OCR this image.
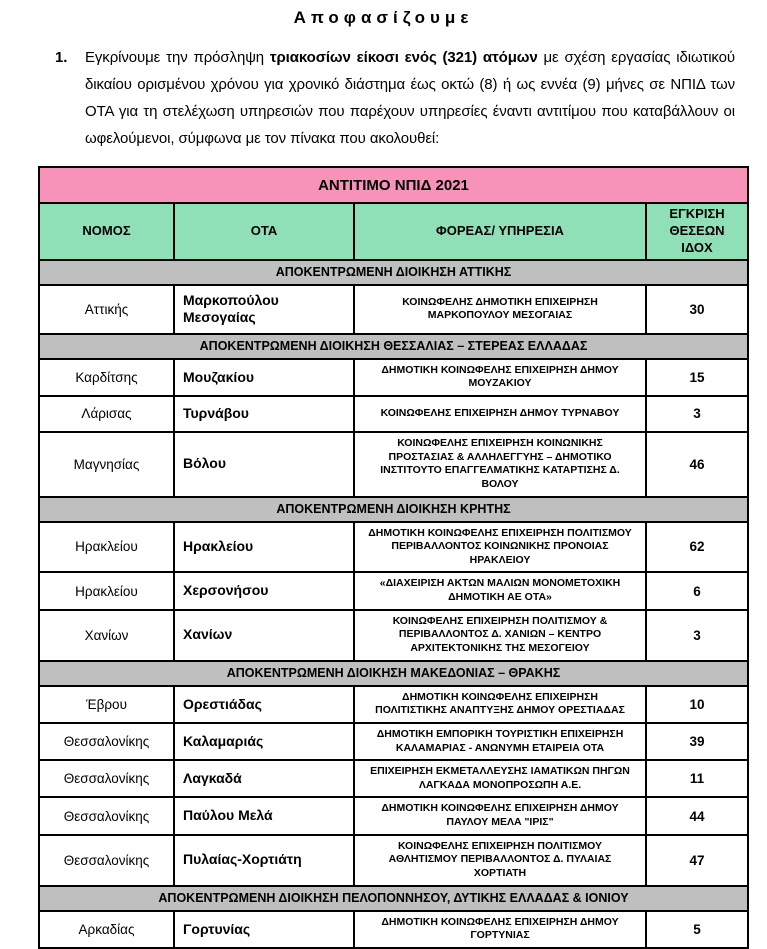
Αποφασίζουμε
1. Εγκρίνουμε την πρόσληψη τριακοσίων είκοσι ενός (321) ατόμων με σχέση εργασίας ιδιωτικού δικαίου ορισμένου χρόνου για χρονικό διάστημα έως οκτώ (8) ή ως εννέα (9) μήνες σε ΝΠΙΔ των ΟΤΑ για τη στελέχωση υπηρεσιών που παρέχουν υπηρεσίες έναντι αντιτίμου που καταβάλλουν οι ωφελούμενοι, σύμφωνα με τον πίνακα που ακολουθεί:
ΑΝΤΙΤΙΜΟ ΝΠΙΔ 2021			
ΝΟΜΟΣ	ΟΤΑ	ΦΟΡΕΑΣ/ ΥΠΗΡΕΣΙΑ	ΕΓΚΡΙΣΗ ΘΕΣΕΩΝ ΙΔΟΧ
ΑΠΟΚΕΝΤΡΩΜΕΝΗ ΔΙΟΙΚΗΣΗ ΑΤΤΙΚΗΣ			
Αττικής	Μαρκοπούλου Μεσογαίας	ΚΟΙΝΩΦΕΛΗΣ ΔΗΜΟΤΙΚΗ ΕΠΙΧΕΙΡΗΣΗ ΜΑΡΚΟΠΟΥΛΟΥ ΜΕΣΟΓΑΙΑΣ	30
ΑΠΟΚΕΝΤΡΩΜΕΝΗ ΔΙΟΙΚΗΣΗ ΘΕΣΣΑΛΙΑΣ – ΣΤΕΡΕΑΣ ΕΛΛΑΔΑΣ			
Καρδίτσης	Μουζακίου	ΔΗΜΟΤΙΚΗ ΚΟΙΝΩΦΕΛΗΣ ΕΠΙΧΕΙΡΗΣΗ ΔΗΜΟΥ ΜΟΥΖΑΚΙΟΥ	15
Λάρισας	Τυρνάβου	ΚΟΙΝΩΦΕΛΗΣ ΕΠΙΧΕΙΡΗΣΗ ΔΗΜΟΥ ΤΥΡΝΑΒΟΥ	3
Μαγνησίας	Βόλου	ΚΟΙΝΩΦΕΛΗΣ ΕΠΙΧΕΙΡΗΣΗ ΚΟΙΝΩΝΙΚΗΣ ΠΡΟΣΤΑΣΙΑΣ & ΑΛΛΗΛΕΓΓΥΗΣ – ΔΗΜΟΤΙΚΟ ΙΝΣΤΙΤΟΥΤΟ ΕΠΑΓΓΕΛΜΑΤΙΚΗΣ ΚΑΤΑΡΤΙΣΗΣ Δ. ΒΟΛΟΥ	46
ΑΠΟΚΕΝΤΡΩΜΕΝΗ ΔΙΟΙΚΗΣΗ ΚΡΗΤΗΣ			
Ηρακλείου	Ηρακλείου	ΔΗΜΟΤΙΚΗ ΚΟΙΝΩΦΕΛΗΣ ΕΠΙΧΕΙΡΗΣΗ ΠΟΛΙΤΙΣΜΟΥ ΠΕΡΙΒΑΛΛΟΝΤΟΣ ΚΟΙΝΩΝΙΚΗΣ ΠΡΟΝΟΙΑΣ ΗΡΑΚΛΕΙΟΥ	62
Ηρακλείου	Χερσονήσου	«ΔΙΑΧΕΙΡΙΣΗ ΑΚΤΩΝ ΜΑΛΙΩΝ ΜΟΝΟΜΕΤΟΧΙΚΗ ΔΗΜΟΤΙΚΗ ΑΕ ΟΤΑ»	6
Χανίων	Χανίων	ΚΟΙΝΩΦΕΛΗΣ ΕΠΙΧΕΙΡΗΣΗ ΠΟΛΙΤΙΣΜΟΥ & ΠΕΡΙΒΑΛΛΟΝΤΟΣ Δ. ΧΑΝΙΩΝ – ΚΕΝΤΡΟ ΑΡΧΙΤΕΚΤΟΝΙΚΗΣ ΤΗΣ ΜΕΣΟΓΕΙΟΥ	3
ΑΠΟΚΕΝΤΡΩΜΕΝΗ ΔΙΟΙΚΗΣΗ ΜΑΚΕΔΟΝΙΑΣ – ΘΡΑΚΗΣ			
Έβρου	Ορεστιάδας	ΔΗΜΟΤΙΚΗ ΚΟΙΝΩΦΕΛΗΣ ΕΠΙΧΕΙΡΗΣΗ ΠΟΛΙΤΙΣΤΙΚΗΣ ΑΝΑΠΤΥΞΗΣ ΔΗΜΟΥ ΟΡΕΣΤΙΑΔΑΣ	10
Θεσσαλονίκης	Καλαμαριάς	ΔΗΜΟΤΙΚΗ ΕΜΠΟΡΙΚΗ ΤΟΥΡΙΣΤΙΚΗ ΕΠΙΧΕΙΡΗΣΗ ΚΑΛΑΜΑΡΙΑΣ - ΑΝΩΝΥΜΗ ΕΤΑΙΡΕΙΑ ΟΤΑ	39
Θεσσαλονίκης	Λαγκαδά	ΕΠΙΧΕΙΡΗΣΗ ΕΚΜΕΤΑΛΛΕΥΣΗΣ ΙΑΜΑΤΙΚΩΝ ΠΗΓΩΝ ΛΑΓΚΑΔΑ ΜΟΝΟΠΡΟΣΩΠΗ Α.Ε.	11
Θεσσαλονίκης	Παύλου Μελά	ΔΗΜΟΤΙΚΗ ΚΟΙΝΩΦΕΛΗΣ ΕΠΙΧΕΙΡΗΣΗ ΔΗΜΟΥ ΠΑΥΛΟΥ ΜΕΛΑ "ΙΡΙΣ"	44
Θεσσαλονίκης	Πυλαίας-Χορτιάτη	ΚΟΙΝΩΦΕΛΗΣ ΕΠΙΧΕΙΡΗΣΗ ΠΟΛΙΤΙΣΜΟΥ ΑΘΛΗΤΙΣΜΟΥ ΠΕΡΙΒΑΛΛΟΝΤΟΣ Δ. ΠΥΛΑΙΑΣ ΧΟΡΤΙΑΤΗ	47
ΑΠΟΚΕΝΤΡΩΜΕΝΗ ΔΙΟΙΚΗΣΗ ΠΕΛΟΠΟΝΝΗΣΟΥ, ΔΥΤΙΚΗΣ ΕΛΛΑΔΑΣ & ΙΟΝΙΟΥ			
Αρκαδίας	Γορτυνίας	ΔΗΜΟΤΙΚΗ ΚΟΙΝΩΦΕΛΗΣ ΕΠΙΧΕΙΡΗΣΗ ΔΗΜΟΥ ΓΟΡΤΥΝΙΑΣ	5
